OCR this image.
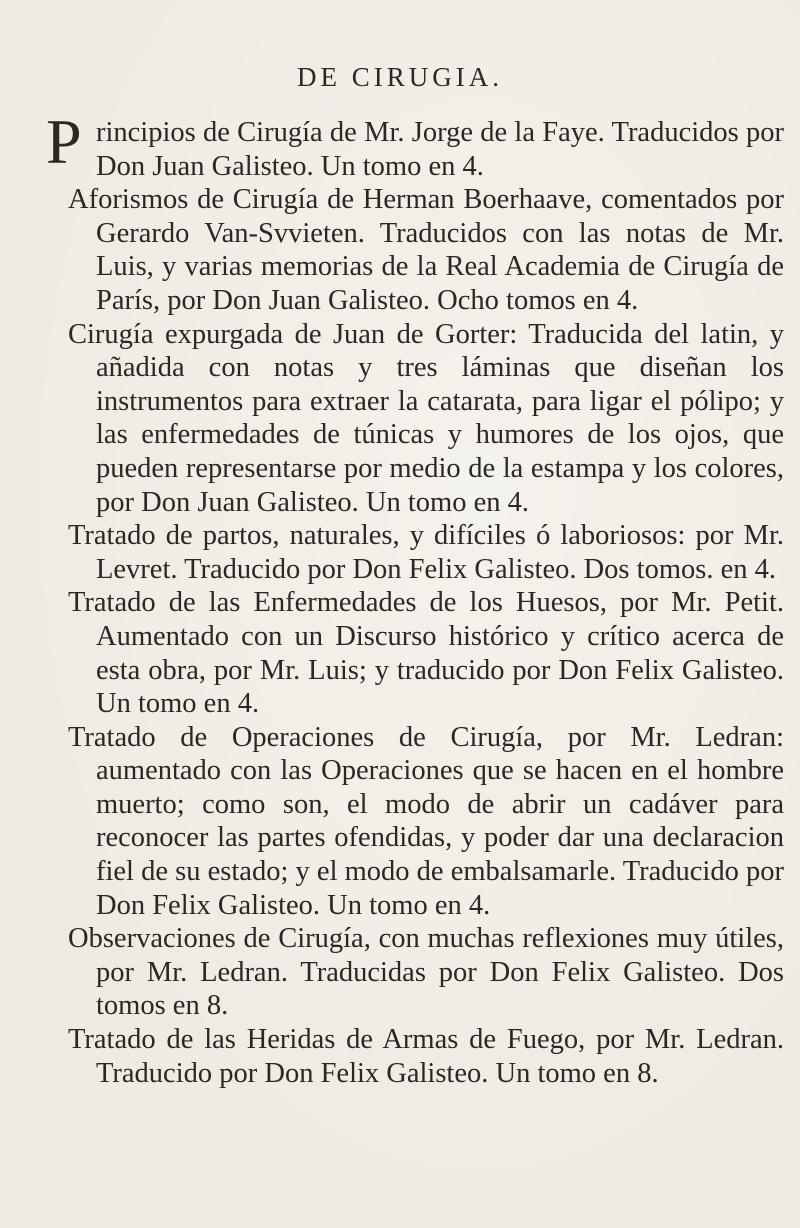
DE CIRUGIA.

P rincipios de Cirugía de Mr. Jorge de la Faye. Traducidos por Don Juan Galisteo. Un tomo en 4.

Aforismos de Cirugía de Herman Boerhaave, comentados por Gerardo Van-Svvieten. Traducidos con las notas de Mr. Luis, y varias memorias de la Real Academia de Cirugía de París, por Don Juan Galisteo. Ocho tomos en 4.

Cirugía expurgada de Juan de Gorter: Traducida del latin, y añadida con notas y tres láminas que diseñan los instrumentos para extraer la catarata, para ligar el pólipo; y las enfermedades de túnicas y humores de los ojos, que pueden representarse por medio de la estampa y los colores, por Don Juan Galisteo. Un tomo en 4.

Tratado de partos, naturales, y difíciles ó laboriosos: por Mr. Levret. Traducido por Don Felix Galisteo. Dos tomos. en 4.

Tratado de las Enfermedades de los Huesos, por Mr. Petit. Aumentado con un Discurso histórico y crítico acerca de esta obra, por Mr. Luis; y traducido por Don Felix Galisteo. Un tomo en 4.

Tratado de Operaciones de Cirugía, por Mr. Ledran: aumentado con las Operaciones que se hacen en el hombre muerto; como son, el modo de abrir un cadáver para reconocer las partes ofendidas, y poder dar una declaracion fiel de su estado; y el modo de embalsamarle. Traducido por Don Felix Galisteo. Un tomo en 4.

Observaciones de Cirugía, con muchas reflexiones muy útiles, por Mr. Ledran. Traducidas por Don Felix Galisteo. Dos tomos en 8.

Tratado de las Heridas de Armas de Fuego, por Mr. Ledran. Traducido por Don Felix Galisteo. Un tomo en 8.
